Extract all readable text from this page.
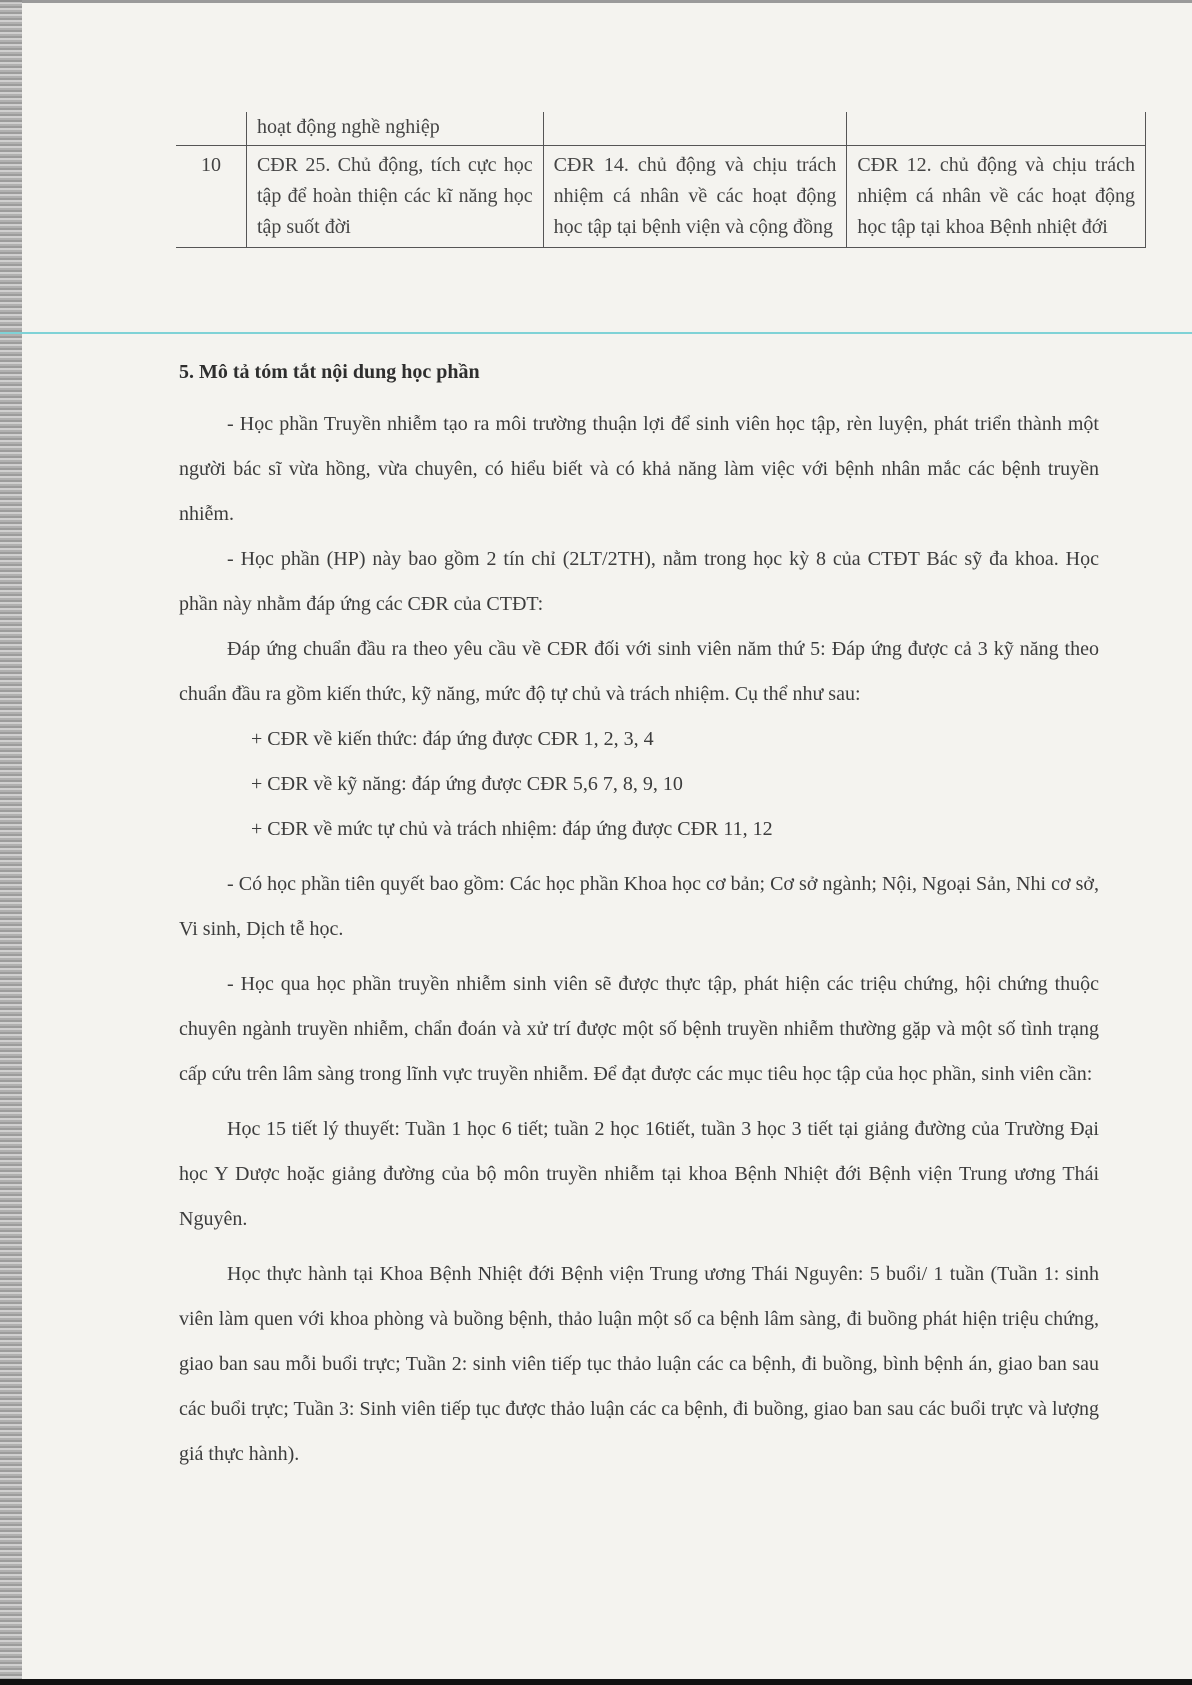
	hoạt động nghề nghiệp		
10	CĐR 25. Chủ động, tích cực học tập để hoàn thiện các kĩ năng học tập suốt đời	CĐR 14. chủ động và chịu trách nhiệm cá nhân về các hoạt động học tập tại bệnh viện và cộng đồng	CĐR 12. chủ động và chịu trách nhiệm cá nhân về các hoạt động học tập tại khoa Bệnh nhiệt đới
5. Mô tả tóm tắt nội dung học phần

- Học phần Truyền nhiễm tạo ra môi trường thuận lợi để sinh viên học tập, rèn luyện, phát triển thành một người bác sĩ vừa hồng, vừa chuyên, có hiểu biết và có khả năng làm việc với bệnh nhân mắc các bệnh truyền nhiễm.

- Học phần (HP) này bao gồm 2 tín chỉ (2LT/2TH), nằm trong học kỳ 8 của CTĐT Bác sỹ đa khoa. Học phần này nhằm đáp ứng các CĐR của CTĐT:

Đáp ứng chuẩn đầu ra theo yêu cầu về CĐR đối với sinh viên năm thứ 5: Đáp ứng được cả 3 kỹ năng theo chuẩn đầu ra gồm kiến thức, kỹ năng, mức độ tự chủ và trách nhiệm. Cụ thể như sau:

+ CĐR về kiến thức: đáp ứng được CĐR 1, 2, 3, 4

+ CĐR về kỹ năng: đáp ứng được CĐR 5,6 7, 8, 9, 10

+ CĐR về mức tự chủ và trách nhiệm: đáp ứng được CĐR 11, 12

- Có học phần tiên quyết bao gồm: Các học phần Khoa học cơ bản; Cơ sở ngành; Nội, Ngoại Sản, Nhi cơ sở, Vi sinh, Dịch tễ học.

- Học qua học phần truyền nhiễm sinh viên sẽ được thực tập, phát hiện các triệu chứng, hội chứng thuộc chuyên ngành truyền nhiễm, chẩn đoán và xử trí được một số bệnh truyền nhiễm thường gặp và một số tình trạng cấp cứu trên lâm sàng trong lĩnh vực truyền nhiễm. Để đạt được các mục tiêu học tập của học phần, sinh viên cần:

Học 15 tiết lý thuyết: Tuần 1 học 6 tiết; tuần 2 học 16tiết, tuần 3 học 3 tiết tại giảng đường của Trường Đại học Y Dược hoặc giảng đường của bộ môn truyền nhiễm tại khoa Bệnh Nhiệt đới Bệnh viện Trung ương Thái Nguyên.

Học thực hành tại Khoa Bệnh Nhiệt đới Bệnh viện Trung ương Thái Nguyên: 5 buổi/ 1 tuần (Tuần 1: sinh viên làm quen với khoa phòng và buồng bệnh, thảo luận một số ca bệnh lâm sàng, đi buồng phát hiện triệu chứng, giao ban sau mỗi buổi trực; Tuần 2: sinh viên tiếp tục thảo luận các ca bệnh, đi buồng, bình bệnh án, giao ban sau các buổi trực; Tuần 3: Sinh viên tiếp tục được thảo luận các ca bệnh, đi buồng, giao ban sau các buổi trực và lượng giá thực hành).
